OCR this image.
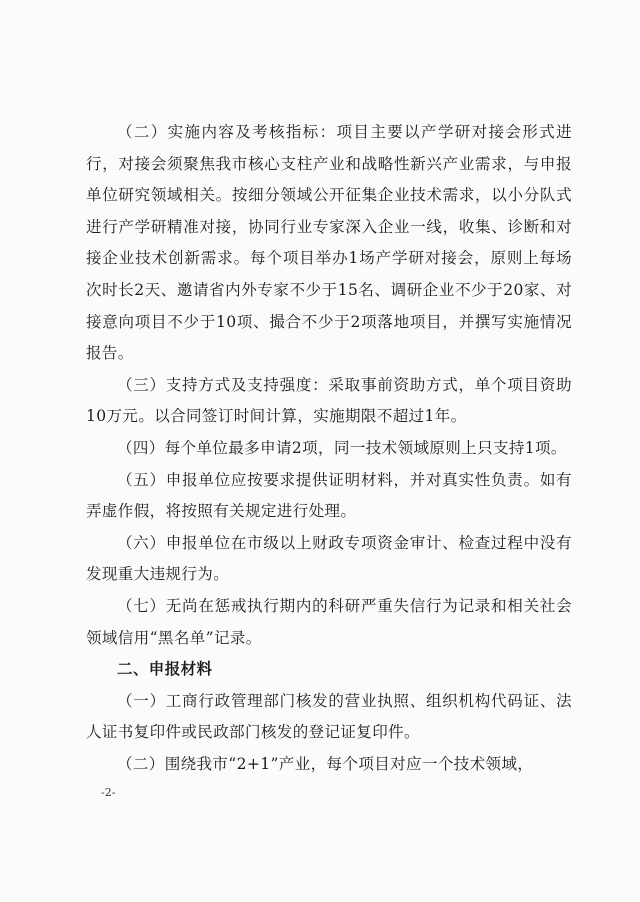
（二）实施内容及考核指标：项目主要以产学研对接会形式进行，对接会须聚焦我市核心支柱产业和战略性新兴产业需求，与申报单位研究领域相关。按细分领域公开征集企业技术需求，以小分队式进行产学研精准对接，协同行业专家深入企业一线，收集、诊断和对接企业技术创新需求。每个项目举办1场产学研对接会，原则上每场次时长2天、邀请省内外专家不少于15名、调研企业不少于20家、对接意向项目不少于10项、撮合不少于2项落地项目，并撰写实施情况报告。

（三）支持方式及支持强度：采取事前资助方式，单个项目资助10万元。以合同签订时间计算，实施期限不超过1年。

（四）每个单位最多申请2项，同一技术领域原则上只支持1项。

（五）申报单位应按要求提供证明材料，并对真实性负责。如有弄虚作假，将按照有关规定进行处理。

（六）申报单位在市级以上财政专项资金审计、检查过程中没有发现重大违规行为。

（七）无尚在惩戒执行期内的科研严重失信行为记录和相关社会领域信用“黑名单”记录。

二、申报材料

（一）工商行政管理部门核发的营业执照、组织机构代码证、法人证书复印件或民政部门核发的登记证复印件。

（二）围绕我市“2+1”产业，每个项目对应一个技术领域，

-2-
